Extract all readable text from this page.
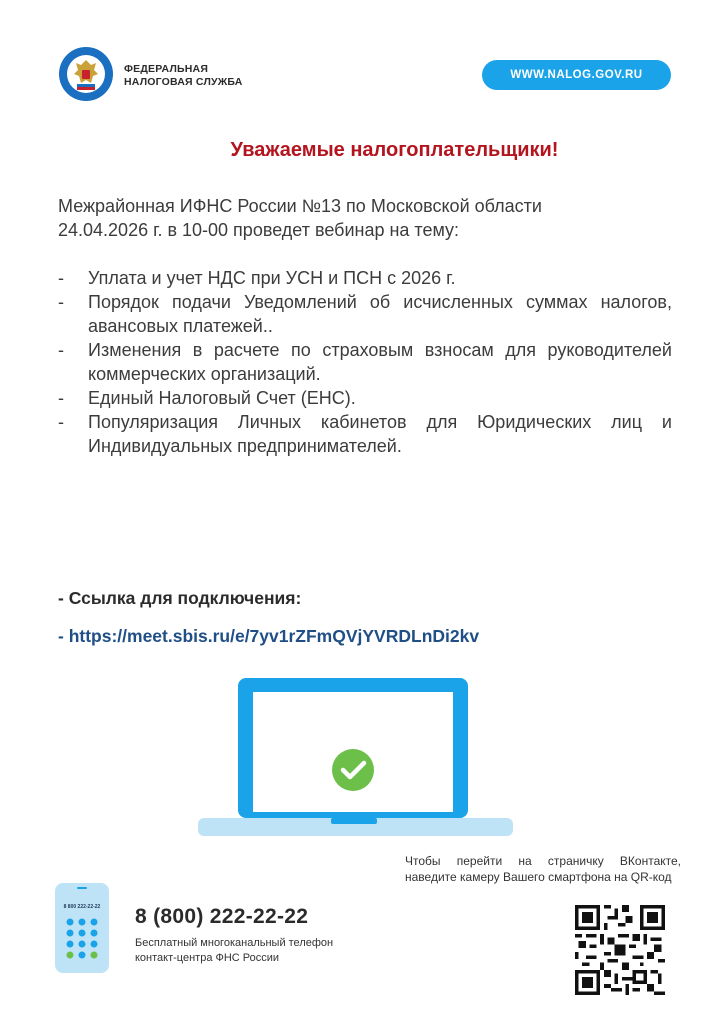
ФЕДЕРАЛЬНАЯ
НАЛОГОВАЯ СЛУЖБА
WWW.NALOG.GOV.RU
Уважаемые налогоплательщики!
Межрайонная ИФНС России №13 по Московской области
24.04.2026 г. в 10-00 проведет вебинар на тему:
- Уплата и учет НДС при УСН и ПСН с 2026 г.
- Порядок подачи Уведомлений об исчисленных суммах налогов, авансовых платежей..
- Изменения в расчете по страховым взносам для руководителей коммерческих организаций.
- Единый Налоговый Счет (ЕНС).
- Популяризация Личных кабинетов для Юридических лиц и Индивидуальных предпринимателей.
- Ссылка для подключения:
- https://meet.sbis.ru/e/7yv1rZFmQVjYVRDLnDi2kv
Чтобы перейти на страничку ВКонтакте, наведите камеру Вашего смартфона на QR-код
8 800 222-22-22 8 (800) 222-22-22
Бесплатный многоканальный телефон
контакт-центра ФНС России
